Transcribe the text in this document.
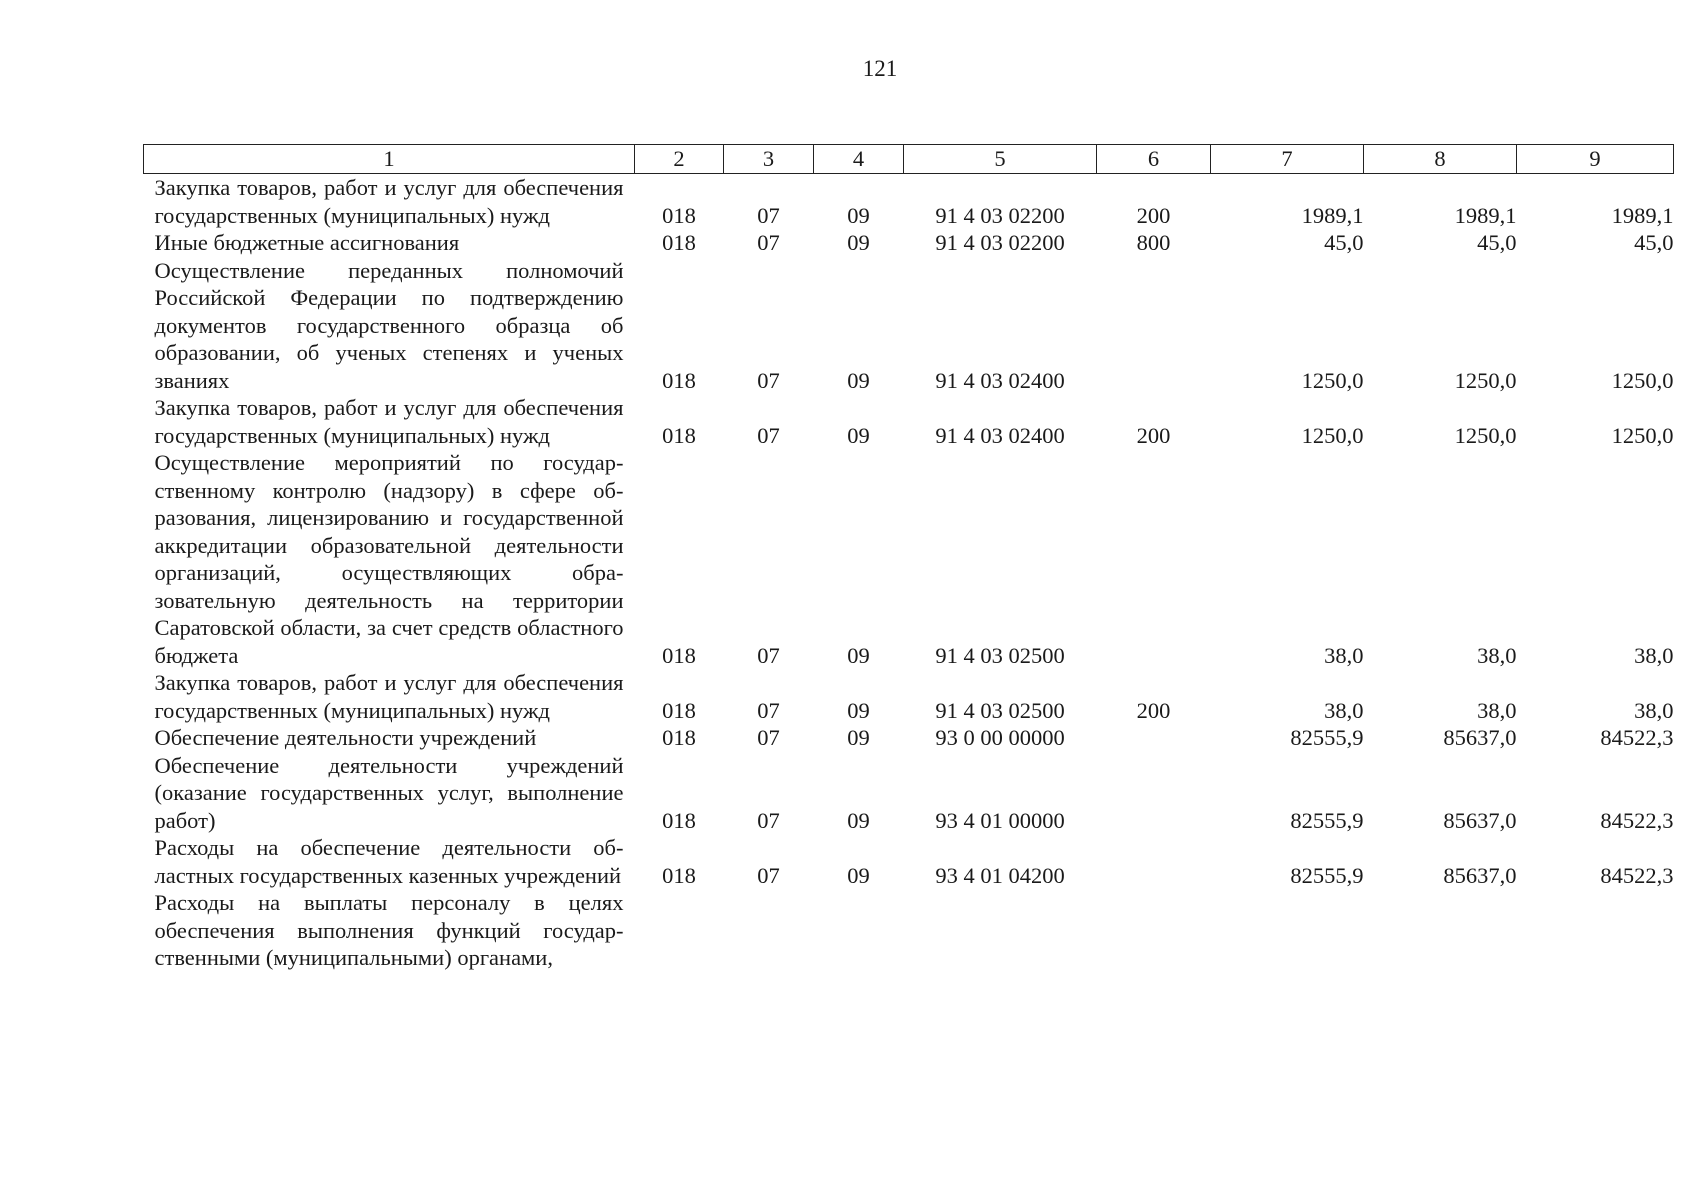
121
1	2	3	4	5	6	7	8	9
Закупка товаров, работ и услуг для обеспечения государственных (муниципальных) нужд	018	07	09	91 4 03 02200	200	1989,1	1989,1	1989,1
Иные бюджетные ассигнования	018	07	09	91 4 03 02200	800	45,0	45,0	45,0
Осуществление переданных полномочий Российской Федерации по подтверждению документов государственного образца об образовании, об ученых степенях и ученых званиях	018	07	09	91 4 03 02400		1250,0	1250,0	1250,0
Закупка товаров, работ и услуг для обеспечения государственных (муниципальных) нужд	018	07	09	91 4 03 02400	200	1250,0	1250,0	1250,0
Осуществление мероприятий по государственному контролю (надзору) в сфере образования, лицензированию и государственной аккредитации образовательной деятельности организаций, осуществляющих образовательную деятельность на территории Саратовской области, за счет средств областного бюджета	018	07	09	91 4 03 02500		38,0	38,0	38,0
Закупка товаров, работ и услуг для обеспечения государственных (муниципальных) нужд	018	07	09	91 4 03 02500	200	38,0	38,0	38,0
Обеспечение деятельности учреждений	018	07	09	93 0 00 00000		82555,9	85637,0	84522,3
Обеспечение деятельности учреждений (оказание государственных услуг, выполнение работ)	018	07	09	93 4 01 00000		82555,9	85637,0	84522,3
Расходы на обеспечение деятельности областных государственных казенных учреждений	018	07	09	93 4 01 04200		82555,9	85637,0	84522,3
Расходы на выплаты персоналу в целях обеспечения выполнения функций государственными (муниципальными) органами,								
